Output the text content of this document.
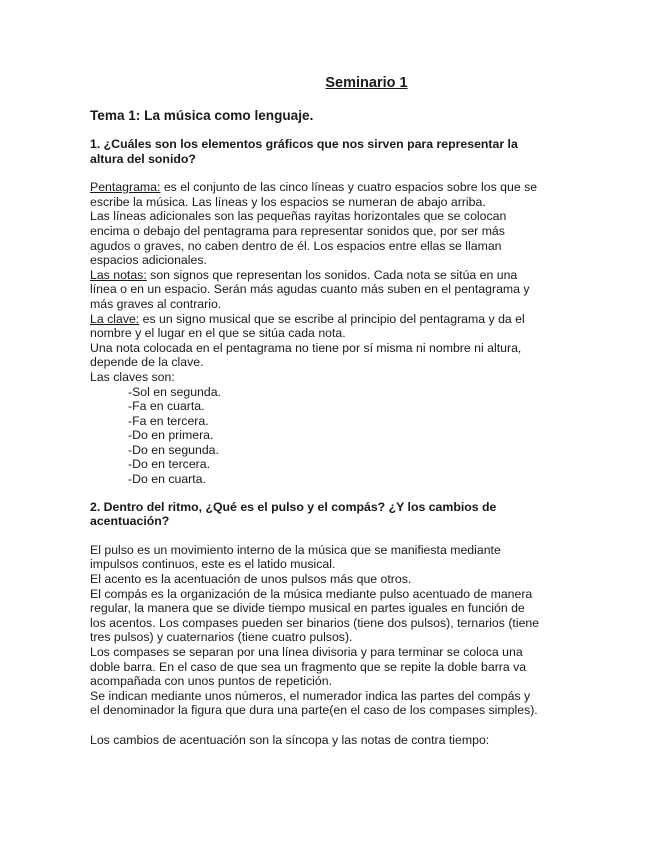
Seminario 1
Tema 1: La música como lenguaje.
1. ¿Cuáles son los elementos gráficos que nos sirven para representar la
altura del sonido?
Pentagrama: es el conjunto de las cinco líneas y cuatro espacios sobre los que se
escribe la música. Las líneas y los espacios se numeran de abajo arriba.
Las líneas adicionales son las pequeñas rayitas horizontales que se colocan
encima o debajo del pentagrama para representar sonidos que, por ser más
agudos o graves, no caben dentro de él. Los espacios entre ellas se llaman
espacios adicionales.
Las notas: son signos que representan los sonidos. Cada nota se sitúa en una
línea o en un espacio. Serán más agudas cuanto más suben en el pentagrama y
más graves al contrario.
La clave: es un signo musical que se escribe al principio del pentagrama y da el
nombre y el lugar en el que se sitúa cada nota.
Una nota colocada en el pentagrama no tiene por sí misma ni nombre ni altura,
depende de la clave.
Las claves son:
-Sol en segunda.
-Fa en cuarta.
-Fa en tercera.
-Do en primera.
-Do en segunda.
-Do en tercera.
-Do en cuarta.
2. Dentro del ritmo, ¿Qué es el pulso y el compás? ¿Y los cambios de
acentuación?
El pulso es un movimiento interno de la música que se manifiesta mediante
impulsos continuos, este es el latido musical.
El acento es la acentuación de unos pulsos más que otros.
El compás es la organización de la música mediante pulso acentuado de manera
regular, la manera que se divide tiempo musical en partes iguales en función de
los acentos. Los compases pueden ser binarios (tiene dos pulsos), ternarios (tiene
tres pulsos) y cuaternarios (tiene cuatro pulsos).
Los compases se separan por una línea divisoria y para terminar se coloca una
doble barra. En el caso de que sea un fragmento que se repite la doble barra va
acompañada con unos puntos de repetición.
Se indican mediante unos números, el numerador indica las partes del compás y
el denominador la figura que dura una parte(en el caso de los compases simples).
Los cambios de acentuación son la síncopa y las notas de contra tiempo:
